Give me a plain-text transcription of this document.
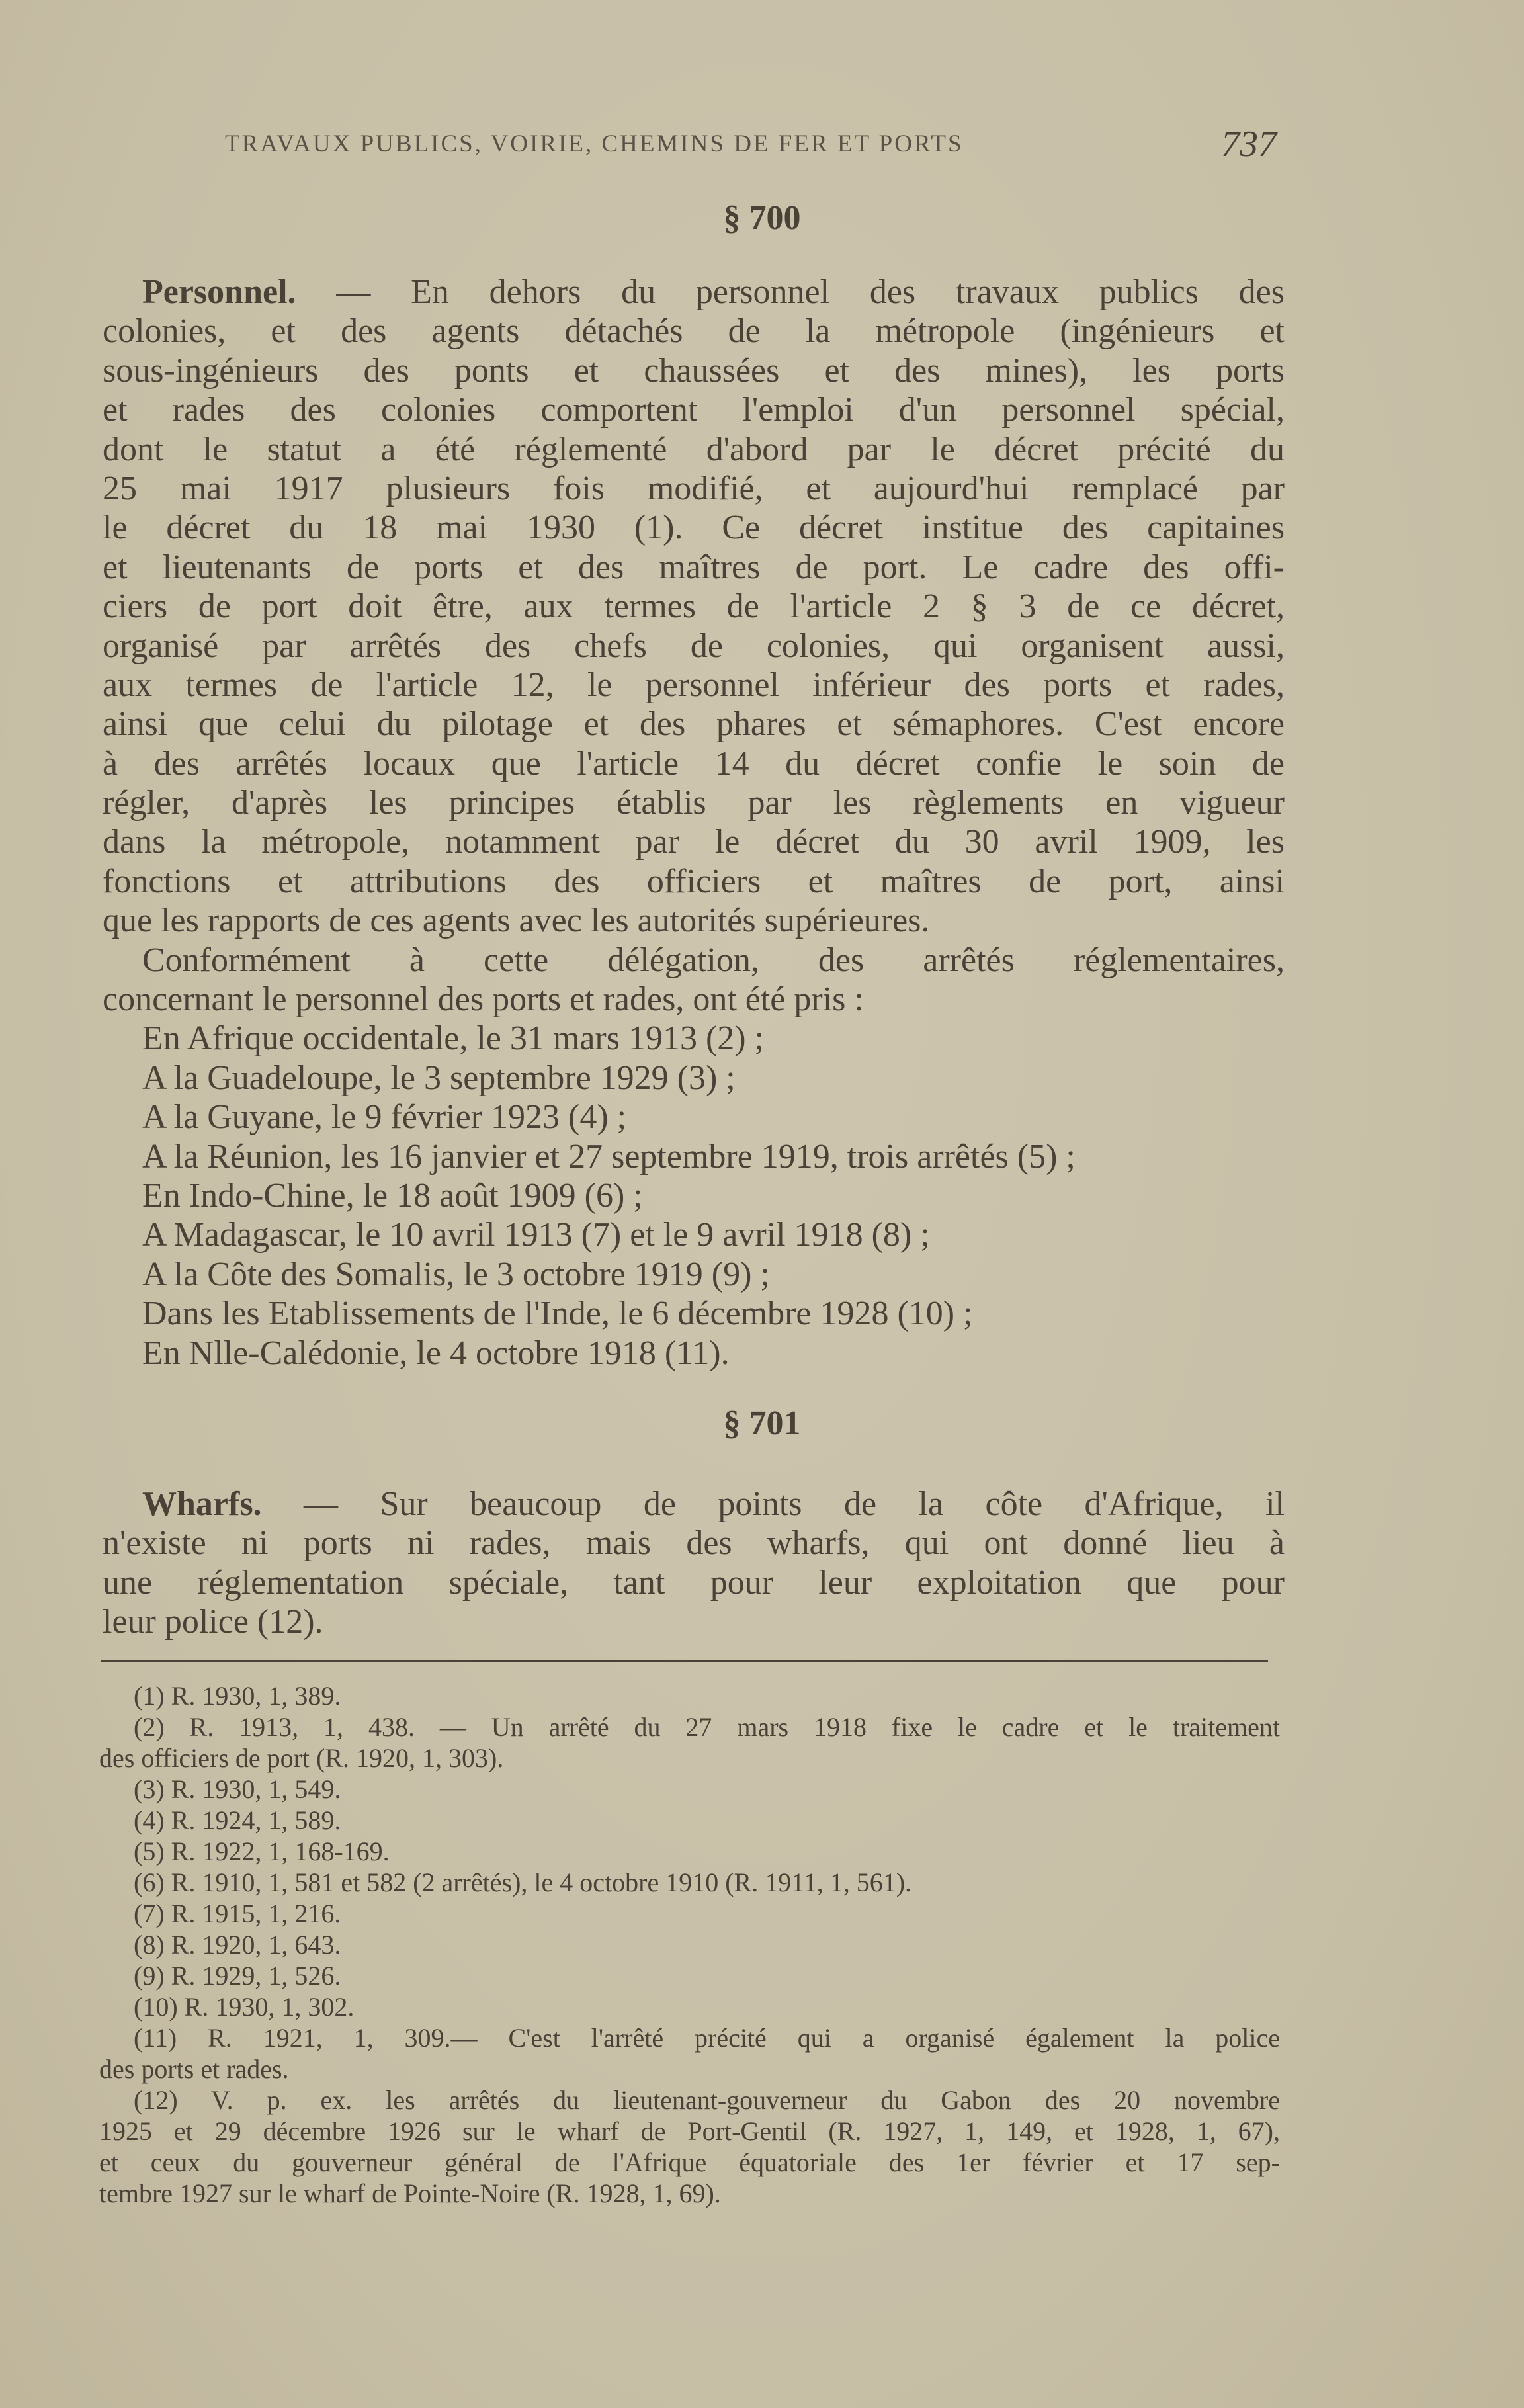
TRAVAUX PUBLICS, VOIRIE, CHEMINS DE FER ET PORTS	737
§ 700
Personnel. — En dehors du personnel des travaux publics des
colonies, et des agents détachés de la métropole (ingénieurs et
sous-ingénieurs des ponts et chaussées et des mines), les ports
et rades des colonies comportent l'emploi d'un personnel spécial,
dont le statut a été réglementé d'abord par le décret précité du
25 mai 1917 plusieurs fois modifié, et aujourd'hui remplacé par
le décret du 18 mai 1930 (1). Ce décret institue des capitaines
et lieutenants de ports et des maîtres de port. Le cadre des offi-
ciers de port doit être, aux termes de l'article 2 § 3 de ce décret,
organisé par arrêtés des chefs de colonies, qui organisent aussi,
aux termes de l'article 12, le personnel inférieur des ports et rades,
ainsi que celui du pilotage et des phares et sémaphores. C'est encore
à des arrêtés locaux que l'article 14 du décret confie le soin de
régler, d'après les principes établis par les règlements en vigueur
dans la métropole, notamment par le décret du 30 avril 1909, les
fonctions et attributions des officiers et maîtres de port, ainsi
que les rapports de ces agents avec les autorités supérieures.
Conformément à cette délégation, des arrêtés réglementaires,
concernant le personnel des ports et rades, ont été pris :
En Afrique occidentale, le 31 mars 1913 (2) ;
A la Guadeloupe, le 3 septembre 1929 (3) ;
A la Guyane, le 9 février 1923 (4) ;
A la Réunion, les 16 janvier et 27 septembre 1919, trois arrêtés (5) ;
En Indo-Chine, le 18 août 1909 (6) ;
A Madagascar, le 10 avril 1913 (7) et le 9 avril 1918 (8) ;
A la Côte des Somalis, le 3 octobre 1919 (9) ;
Dans les Etablissements de l'Inde, le 6 décembre 1928 (10) ;
En Nlle-Calédonie, le 4 octobre 1918 (11).
§ 701
Wharfs. — Sur beaucoup de points de la côte d'Afrique, il
n'existe ni ports ni rades, mais des wharfs, qui ont donné lieu à
une réglementation spéciale, tant pour leur exploitation que pour
leur police (12).
(1) R. 1930, 1, 389.
(2) R. 1913, 1, 438. — Un arrêté du 27 mars 1918 fixe le cadre et le traitement
des officiers de port (R. 1920, 1, 303).
(3) R. 1930, 1, 549.
(4) R. 1924, 1, 589.
(5) R. 1922, 1, 168-169.
(6) R. 1910, 1, 581 et 582 (2 arrêtés), le 4 octobre 1910 (R. 1911, 1, 561).
(7) R. 1915, 1, 216.
(8) R. 1920, 1, 643.
(9) R. 1929, 1, 526.
(10) R. 1930, 1, 302.
(11) R. 1921, 1, 309.— C'est l'arrêté précité qui a organisé également la police
des ports et rades.
(12) V. p. ex. les arrêtés du lieutenant-gouverneur du Gabon des 20 novembre
1925 et 29 décembre 1926 sur le wharf de Port-Gentil (R. 1927, 1, 149, et 1928, 1, 67),
et ceux du gouverneur général de l'Afrique équatoriale des 1er février et 17 sep-
tembre 1927 sur le wharf de Pointe-Noire (R. 1928, 1, 69).
